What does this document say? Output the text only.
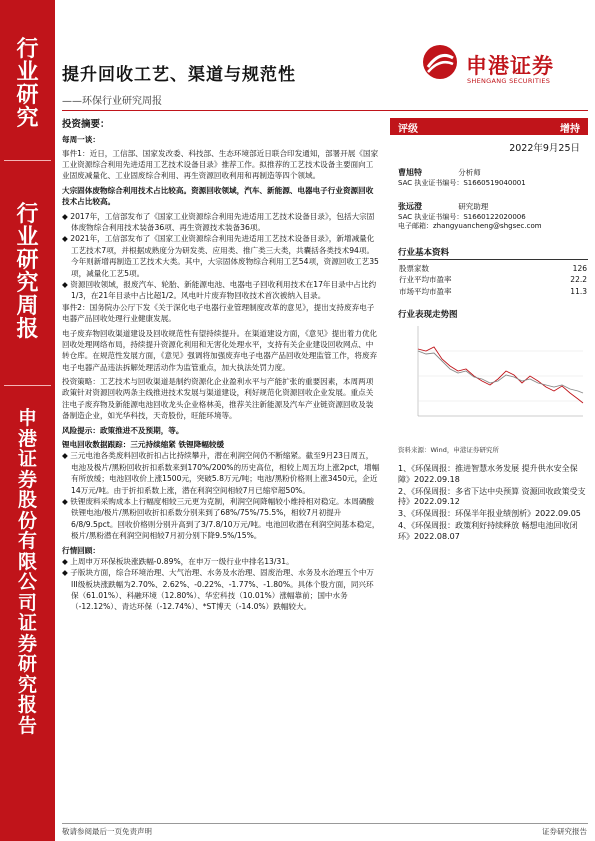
行
业
研
究
行
业
研
究
周
报
申
港
证
券
股
份
有
限
公
司
证
券
研
究
报
告
提升回收工艺、渠道与规范性
——环保行业研究周报
申港证券
SHENGANG SECURITIES

投资摘要：

每周一谈：

事件1：近日，工信部、国家发改委、科技部、生态环境部近日联合印发通知，部署开展《国家工业资源综合利用先进适用工艺技术设备目录》推荐工作。拟推荐的工艺技术设备主要面向工业固废减量化、工业固废综合利用、再生资源回收利用和再制造等四个领域。

大宗固体废物综合利用技术占比较高。资源回收领域，汽车、新能源、电器电子行业资源回收技术占比较高。

◆ 2017年，工信部发布了《国家工业资源综合利用先进适用工艺技术设备目录》，包括大宗固体废物综合利用技术装备36项、再生资源技术装备36项。

◆ 2021年，工信部发布了《国家工业资源综合利用先进适用工艺技术设备目录》，新增减量化工艺技术7项，并根据成熟度分为研发类、应用类、推广类三大类，共囊括各类技术94项。今年则新增再制造工艺技术大类。其中，大宗固体废物综合利用工艺54项，资源回收工艺35项，减量化工艺5项。

◆ 资源回收领域，报废汽车、轮胎、新能源电池、电器电子回收利用技术在17年目录中占比约1/3，在21年目录中占比超1/2。风电叶片废弃物回收技术首次被纳入目录。

事件2：国务院办公厅下发《关于深化电子电器行业管理制度改革的意见》，提出支持废弃电子电器产品回收处理行业健康发展。

电子废弃物回收渠道建设及回收规范性有望持续提升。在渠道建设方面，《意见》提出着力优化回收处理网络布局，持续提升资源化利用和无害化处理水平，支持有关企业建设回收网点、中转仓库。在规范性发展方面，《意见》强调将加强废弃电子电器产品回收处理监管工作，将废弃电子电器产品违法拆解处理活动作为监管重点，加大执法处罚力度。

投资策略：工艺技术与回收渠道是制约资源化企业盈利水平与产能扩张的重要因素，本周两项政策针对资源回收两条主线推进技术发展与渠道建设，利好规范化资源回收企业发展。重点关注电子废弃物及新能源电池回收龙头企业格林美，推荐关注新能源及汽车产业链资源回收及装备制造企业，如光华科技，天奇股份，旺能环境等。

风险提示：政策推进不及预期，等。

锂电回收数据跟踪：三元持续缩紧 铁锂降幅较缓

◆ 三元电池各类废料回收折扣占比持续攀升，潜在利润空间仍不断缩紧。截至9月23日周五，电池及极片/黑粉回收折扣系数来到170%/200%的历史高位，相较上周五均上涨2pct，增幅有所放缓；电池回收价上涨1500元，突破5.8万元/吨；电池/黑粉价格则上涨3450元，企近14万元/吨。由于折扣系数上涨，潜在利润空间相较7月已缩窄超50%。

◆ 铁锂废料采购成本上行幅度相较三元更为克制，利润空间降幅较小维持相对稳定。本周磷酸铁锂电池/极片/黑粉回收折扣系数分别来到了68%/75%/75.5%，相较7月初提升6/8/9.5pct。回收价格则分别升高到了3/7.8/10万元/吨。电池回收潜在利润空间基本稳定，极片/黑粉潜在利润空间相较7月初分别下降9.5%/15%。

行情回顾：

◆ 上周申万环保板块涨跌幅-0.89%，在申万一级行业中排名13/31。

◆ 子版块方面，综合环境治理、大气治理、水务及水治理、固废治理、水务及水治理五个中万III级板块涨跌幅为2.70%、2.62%、-0.22%、-1.77%、-1.80%。具体个股方面，同兴环保（61.01%）、科融环境（12.80%）、华宏科技（10.01%）涨幅靠前；国中水务（-12.12%）、青达环保（-12.74%）、*ST博天（-14.0%）跌幅较大。

评级	增持
2022年9月25日
曹旭特	分析师
SAC 执业证书编号：S1660519040001
张远澄	研究助理
SAC 执业证书编号：S1660122020006
电子邮箱：zhangyuancheng@shgsec.com
行业基本资料
股票家数	126
行业平均市盈率	22.2
市场平均市盈率	11.3
行业表现走势图
资料来源：Wind，申港证券研究所

1、《环保周报：推进智慧水务发展 提升供水安全保障》2022.09.18

2、《环保周报：多省下达中央预算 资源回收政策受支持》2022.09.12

3、《环保周报：环保半年报业绩剖析》2022.09.05

4、《环保周报：政策利好持续释放 畅想电池回收闭环》2022.08.07

敬请参阅最后一页免责声明	证券研究报告
